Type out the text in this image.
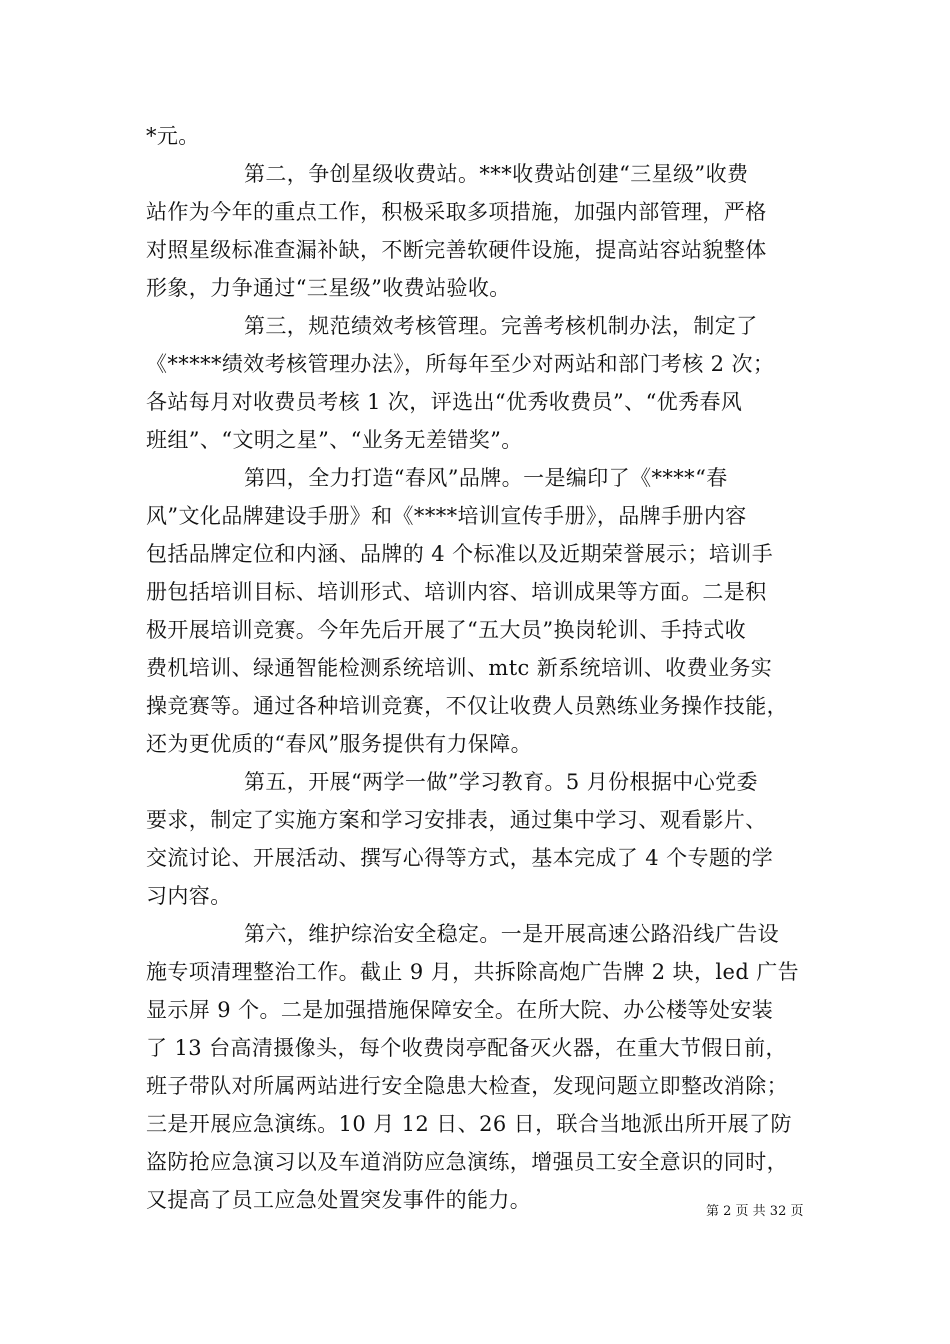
*元。
第二，争创星级收费站。***收费站创建“三星级”收费
站作为今年的重点工作，积极采取多项措施，加强内部管理，严格
对照星级标准查漏补缺，不断完善软硬件设施，提高站容站貌整体
形象，力争通过“三星级”收费站验收。
第三，规范绩效考核管理。完善考核机制办法，制定了
《*****绩效考核管理办法》，所每年至少对两站和部门考核 2 次；
各站每月对收费员考核 1 次，评选出“优秀收费员”、“优秀春风
班组”、“文明之星”、“业务无差错奖”。
第四，全力打造“春风”品牌。一是编印了《****“春
风”文化品牌建设手册》和《****培训宣传手册》，品牌手册内容
包括品牌定位和内涵、品牌的 4 个标准以及近期荣誉展示；培训手
册包括培训目标、培训形式、培训内容、培训成果等方面。二是积
极开展培训竞赛。今年先后开展了“五大员”换岗轮训、手持式收
费机培训、绿通智能检测系统培训、mtc 新系统培训、收费业务实
操竞赛等。通过各种培训竞赛，不仅让收费人员熟练业务操作技能，
还为更优质的“春风”服务提供有力保障。
第五，开展“两学一做”学习教育。5 月份根据中心党委
要求，制定了实施方案和学习安排表，通过集中学习、观看影片、
交流讨论、开展活动、撰写心得等方式，基本完成了 4 个专题的学
习内容。
第六，维护综治安全稳定。一是开展高速公路沿线广告设
施专项清理整治工作。截止 9 月，共拆除高炮广告牌 2 块，led 广告
显示屏 9 个。二是加强措施保障安全。在所大院、办公楼等处安装
了 13 台高清摄像头，每个收费岗亭配备灭火器，在重大节假日前，
班子带队对所属两站进行安全隐患大检查，发现问题立即整改消除；
三是开展应急演练。10 月 12 日、26 日，联合当地派出所开展了防
盗防抢应急演习以及车道消防应急演练，增强员工安全意识的同时，
又提高了员工应急处置突发事件的能力。	第 2 页 共 32 页
